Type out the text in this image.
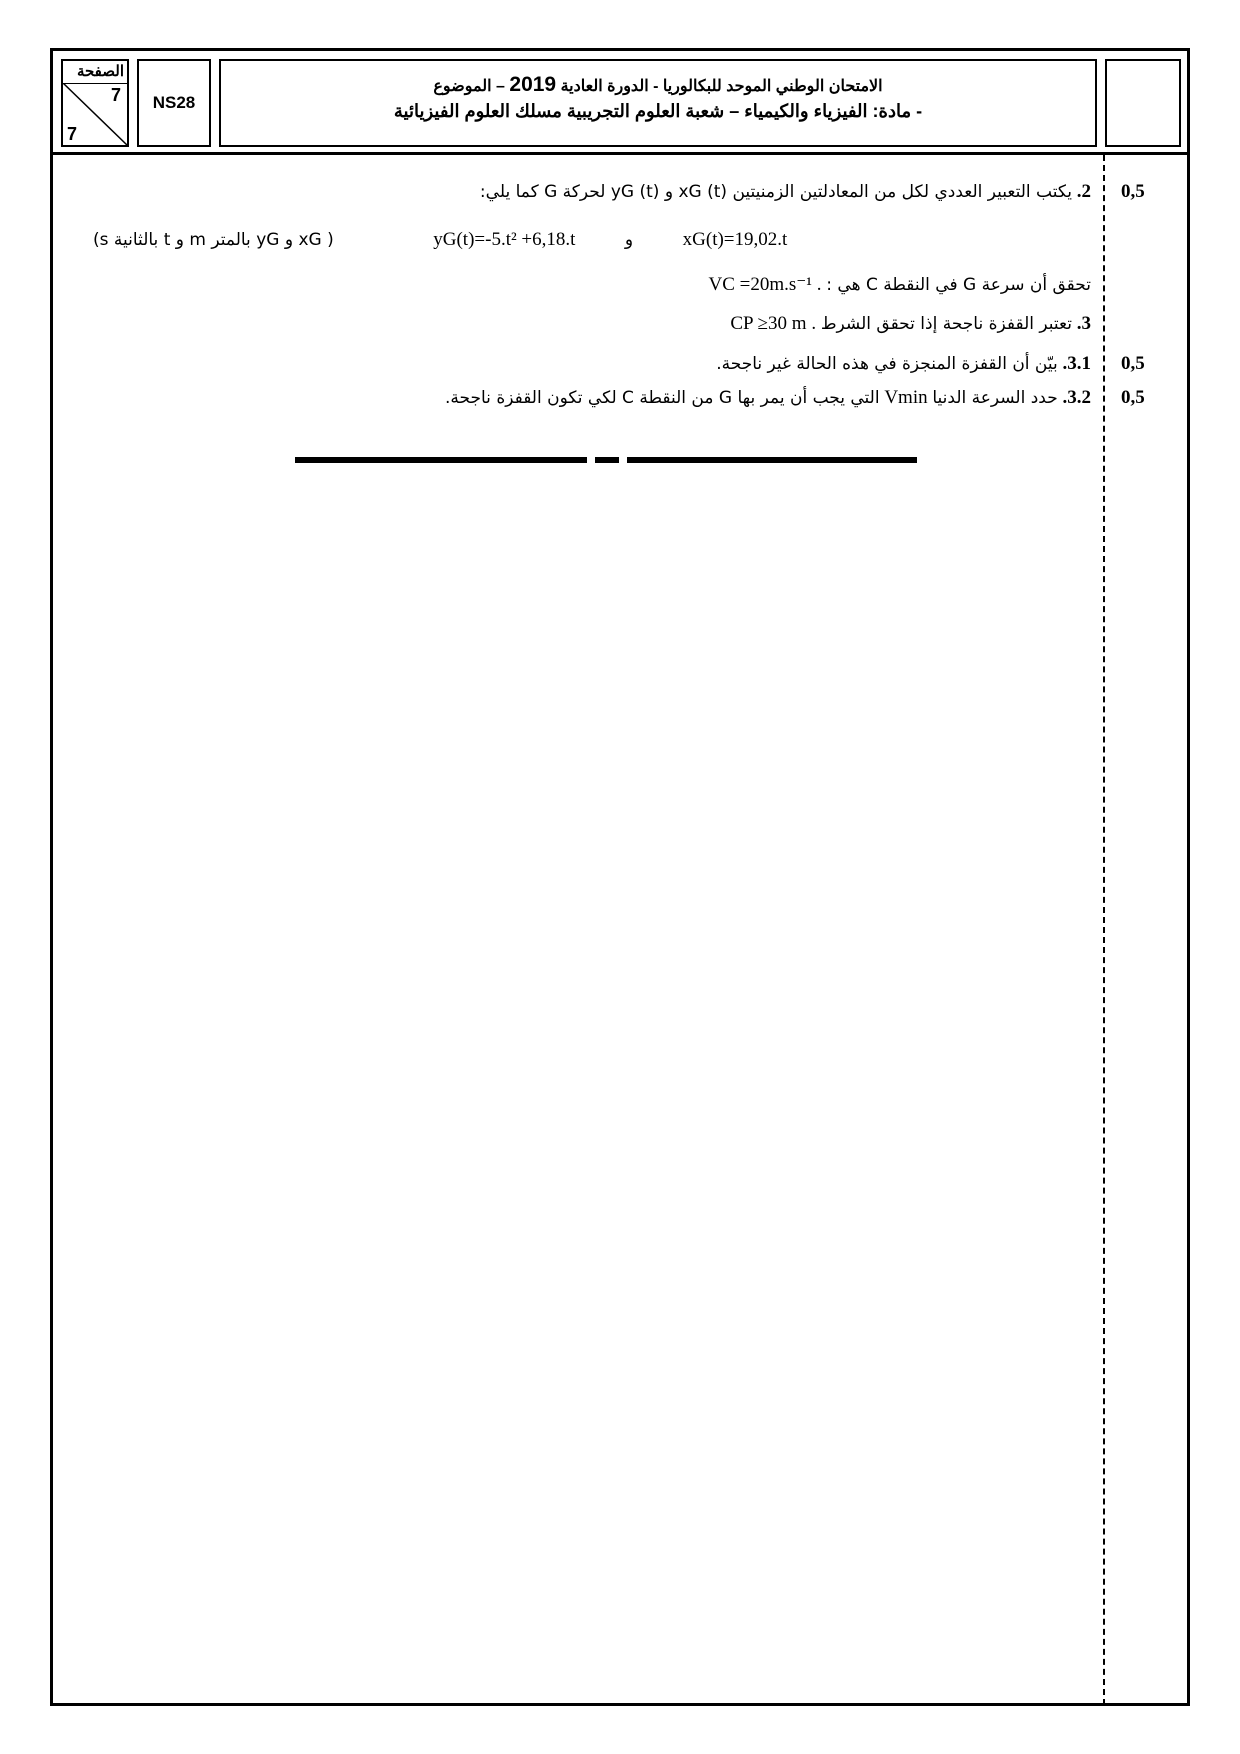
الصفحة
7
7
NS28
الامتحان الوطني الموحد للبكالوريا - الدورة العادية 2019 – الموضوع
- مادة: الفيزياء والكيمياء – شعبة العلوم التجريبية مسلك العلوم الفيزيائية
0,5
2. يكتب التعبير العددي لكل من المعادلتين الزمنيتين (t) xG و (t) yG لحركة G كما يلي:
( xG و yG بالمتر m و t بالثانية s)	yG(t)=-5.t² +6,18.t	و	xG(t)=19,02.t
تحقق أن سرعة G في النقطة C هي : VC =20m.s⁻¹ .
3. تعتبر القفزة ناجحة إذا تحقق الشرط CP ≥30 m .
0,5
3.1. بيّن أن القفزة المنجزة في هذه الحالة غير ناجحة.
0,5
3.2. حدد السرعة الدنيا Vmin التي يجب أن يمر بها G من النقطة C لكي تكون القفزة ناجحة.
